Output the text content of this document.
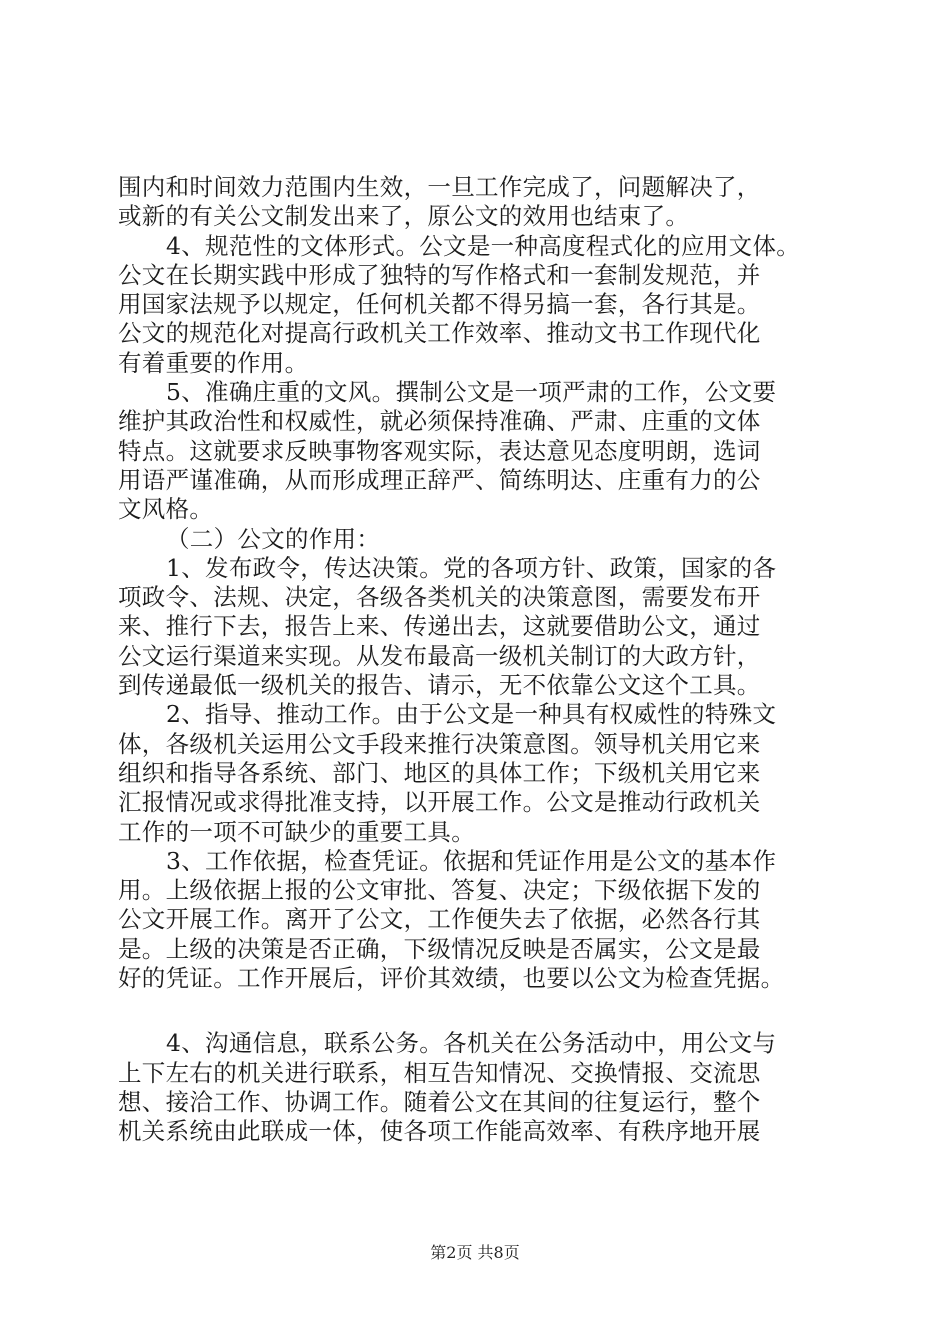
围内和时间效力范围内生效，一旦工作完成了，问题解决了，
或新的有关公文制发出来了，原公文的效用也结束了。
4、规范性的文体形式。公文是一种高度程式化的应用文体。
公文在长期实践中形成了独特的写作格式和一套制发规范，并
用国家法规予以规定，任何机关都不得另搞一套，各行其是。
公文的规范化对提高行政机关工作效率、推动文书工作现代化
有着重要的作用。
5、准确庄重的文风。撰制公文是一项严肃的工作，公文要
维护其政治性和权威性，就必须保持准确、严肃、庄重的文体
特点。这就要求反映事物客观实际，表达意见态度明朗，选词
用语严谨准确，从而形成理正辞严、简练明达、庄重有力的公
文风格。
（二）公文的作用：
1、发布政令，传达决策。党的各项方针、政策，国家的各
项政令、法规、决定，各级各类机关的决策意图，需要发布开
来、推行下去，报告上来、传递出去，这就要借助公文，通过
公文运行渠道来实现。从发布最高一级机关制订的大政方针，
到传递最低一级机关的报告、请示，无不依靠公文这个工具。
2、指导、推动工作。由于公文是一种具有权威性的特殊文
体，各级机关运用公文手段来推行决策意图。领导机关用它来
组织和指导各系统、部门、地区的具体工作；下级机关用它来
汇报情况或求得批准支持，以开展工作。公文是推动行政机关
工作的一项不可缺少的重要工具。
3、工作依据，检查凭证。依据和凭证作用是公文的基本作
用。上级依据上报的公文审批、答复、决定；下级依据下发的
公文开展工作。离开了公文，工作便失去了依据，必然各行其
是。上级的决策是否正确，下级情况反映是否属实，公文是最
好的凭证。工作开展后，评价其效绩，也要以公文为检查凭据。
4、沟通信息，联系公务。各机关在公务活动中，用公文与
上下左右的机关进行联系，相互告知情况、交换情报、交流思
想、接洽工作、协调工作。随着公文在其间的往复运行，整个
机关系统由此联成一体，使各项工作能高效率、有秩序地开展
第2页 共8页
